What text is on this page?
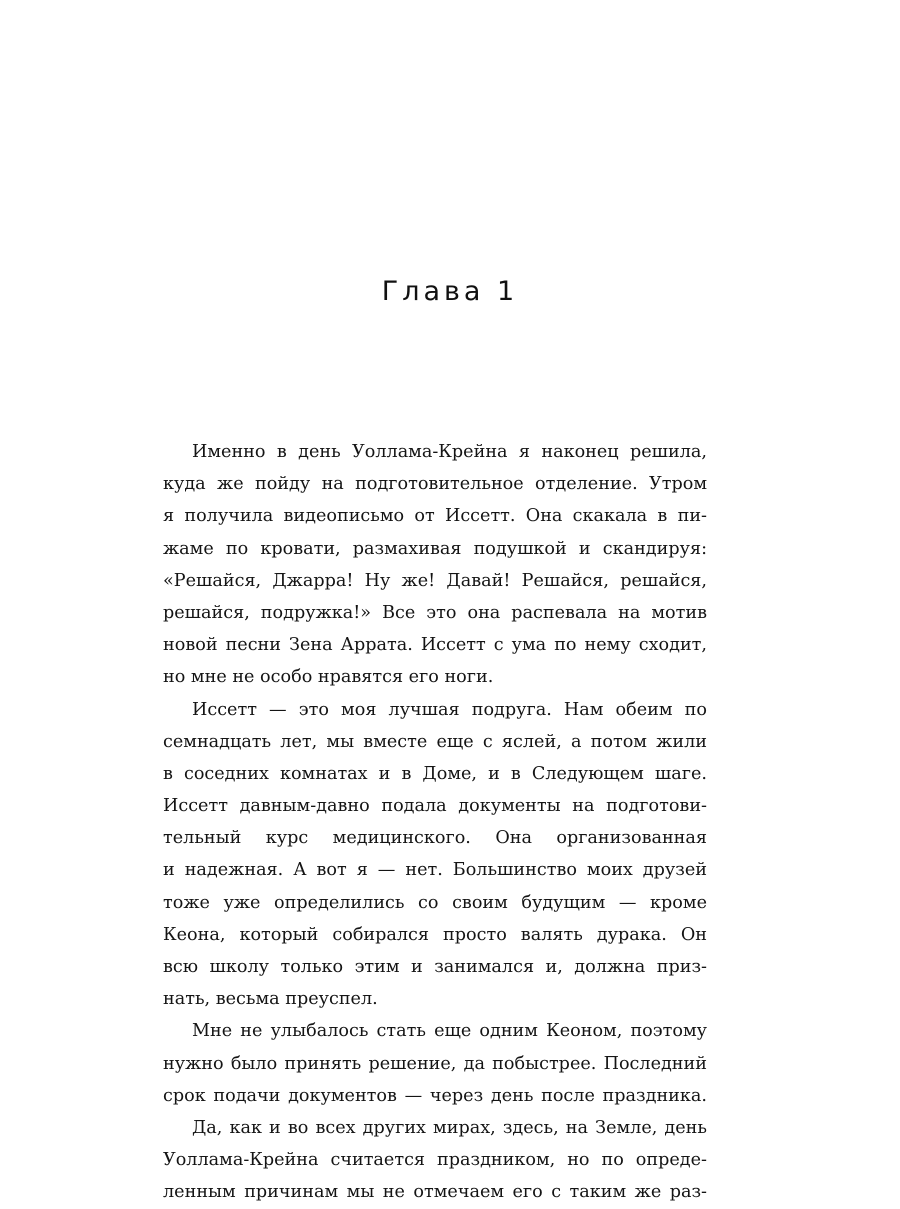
Глава 1
Именно в день Уоллама-Крейна я наконец решила,
куда же пойду на подготовительное отделение. Утром
я получила видеописьмо от Иссетт. Она скакала в пи-
жаме по кровати, размахивая подушкой и скандируя:
«Решайся, Джарра! Ну же! Давай! Решайся, решайся,
решайся, подружка!» Все это она распевала на мотив
новой песни Зена Аррата. Иссетт с ума по нему сходит,
но мне не особо нравятся его ноги.
Иссетт — это моя лучшая подруга. Нам обеим по
семнадцать лет, мы вместе еще с яслей, а потом жили
в соседних комнатах и в Доме, и в Следующем шаге.
Иссетт давным-давно подала документы на подготови-
тельный курс медицинского. Она организованная
и надежная. А вот я — нет. Большинство моих друзей
тоже уже определились со своим будущим — кроме
Кеона, который собирался просто валять дурака. Он
всю школу только этим и занимался и, должна приз-
нать, весьма преуспел.
Мне не улыбалось стать еще одним Кеоном, поэтому
нужно было принять решение, да побыстрее. Последний
срок подачи документов — через день после праздника.
Да, как и во всех других мирах, здесь, на Земле, день
Уоллама-Крейна считается праздником, но по опреде-
ленным причинам мы не отмечаем его с таким же раз-
